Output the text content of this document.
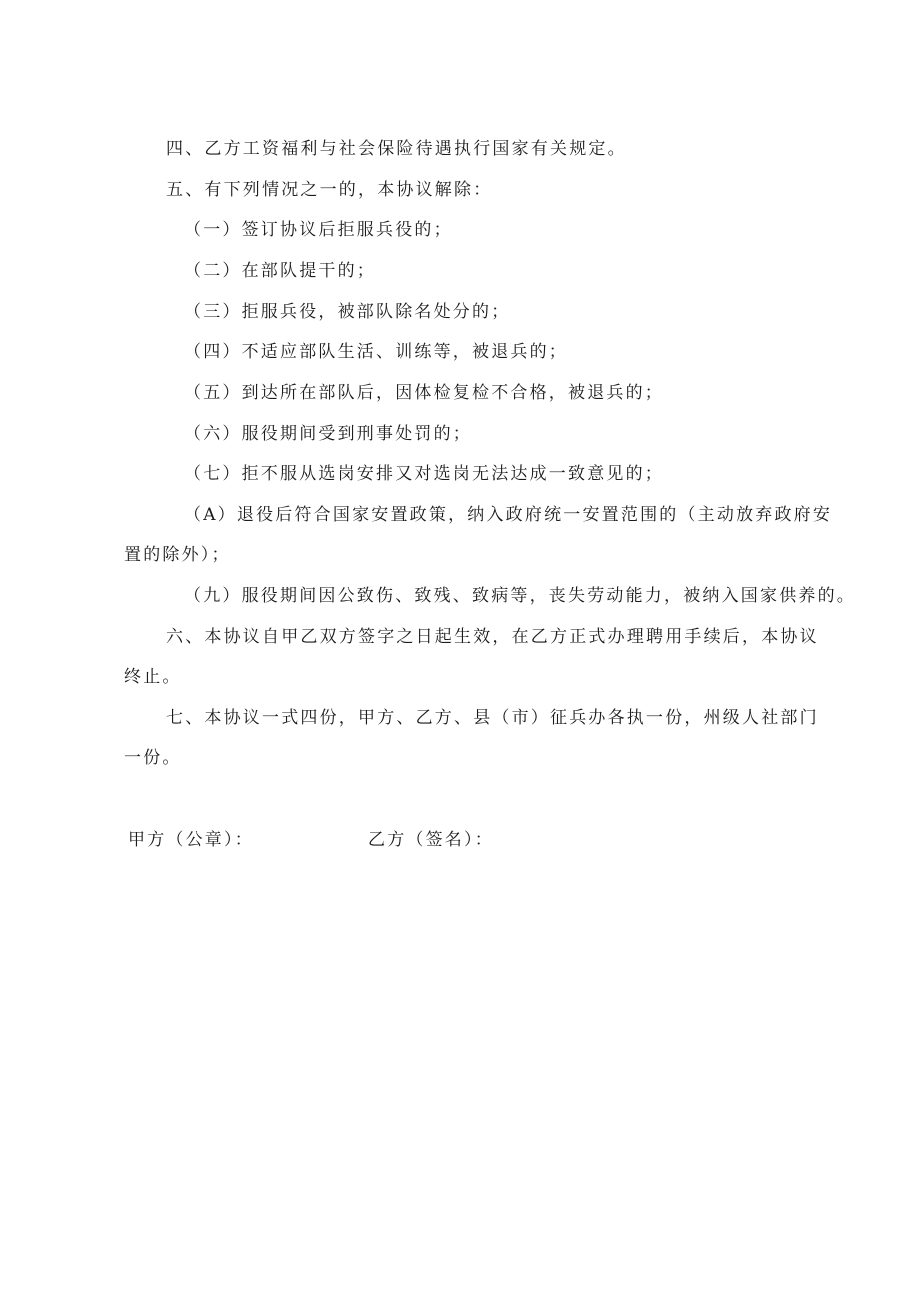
四、乙方工资福利与社会保险待遇执行国家有关规定。
五、有下列情况之一的，本协议解除：
（一）签订协议后拒服兵役的；
（二）在部队提干的；
（三）拒服兵役，被部队除名处分的；
（四）不适应部队生活、训练等，被退兵的；
（五）到达所在部队后，因体检复检不合格，被退兵的；
（六）服役期间受到刑事处罚的；
（七）拒不服从选岗安排又对选岗无法达成一致意见的；
（A）退役后符合国家安置政策，纳入政府统一安置范围的（主动放弃政府安
置的除外）；
（九）服役期间因公致伤、致残、致病等，丧失劳动能力，被纳入国家供养的。
六、本协议自甲乙双方签字之日起生效，在乙方正式办理聘用手续后，本协议
终止。
七、本协议一式四份，甲方、乙方、县（市）征兵办各执一份，州级人社部门
一份。
甲方（公章）：	乙方（签名）：
